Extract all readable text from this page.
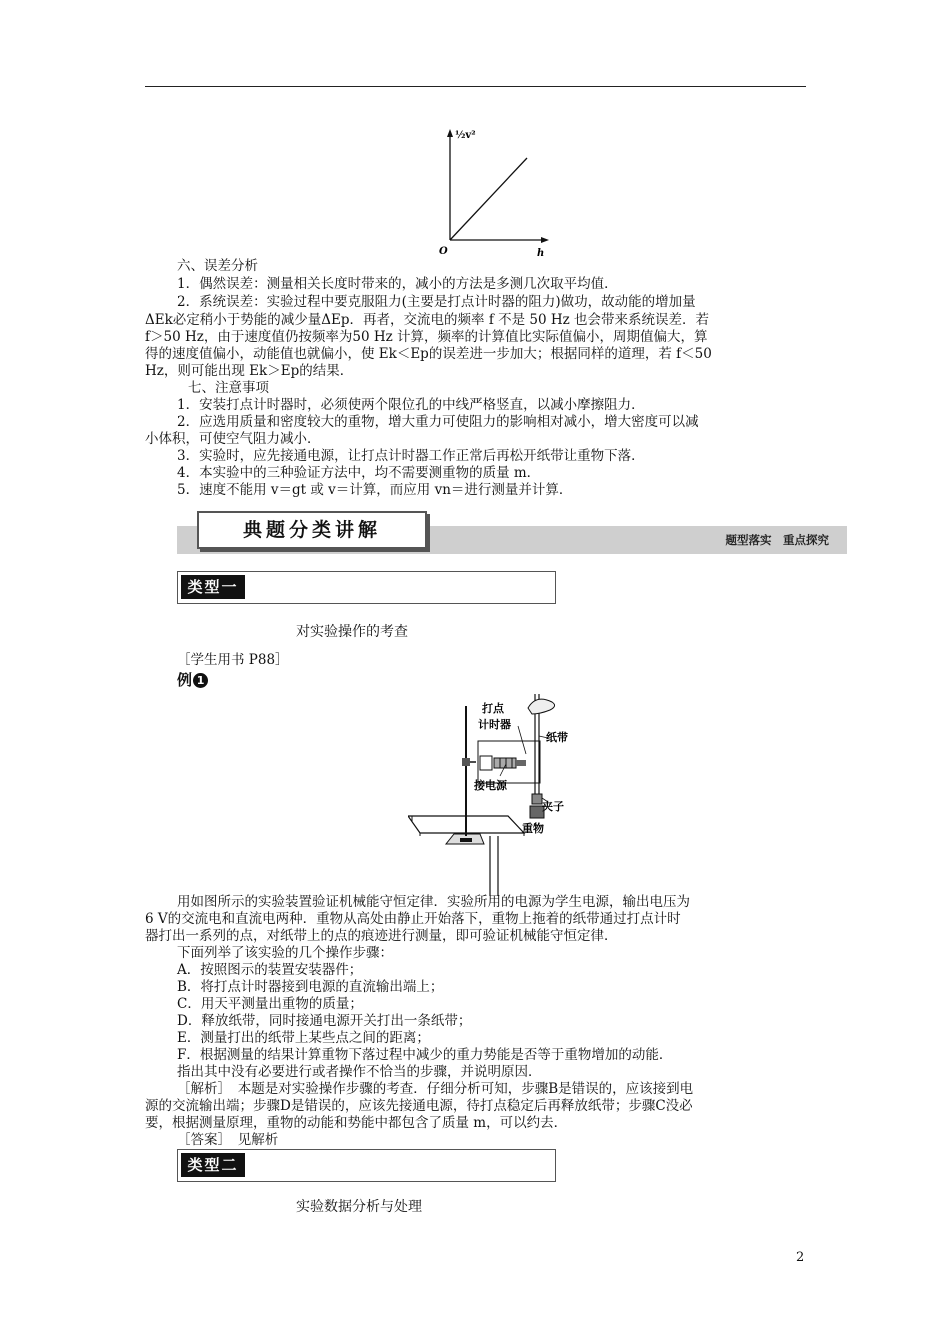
½v²
h
O
六、误差分析
1．偶然误差：测量相关长度时带来的，减小的方法是多测几次取平均值．
2．系统误差：实验过程中要克服阻力(主要是打点计时器的阻力)做功，故动能的增加量
ΔEk必定稍小于势能的减少量ΔEp．再者，交流电的频率 f 不是 50 Hz 也会带来系统误差．若
f＞50 Hz，由于速度值仍按频率为50 Hz 计算，频率的计算值比实际值偏小，周期值偏大，算
得的速度值偏小，动能值也就偏小，使 Ek＜Ep的误差进一步加大；根据同样的道理，若 f＜50
Hz，则可能出现 Ek＞Ep的结果．
七、注意事项
1．安装打点计时器时，必须使两个限位孔的中线严格竖直，以减小摩擦阻力．
2．应选用质量和密度较大的重物，增大重力可使阻力的影响相对减小，增大密度可以减
小体积，可使空气阻力减小．
3．实验时，应先接通电源，让打点计时器工作正常后再松开纸带让重物下落．
4．本实验中的三种验证方法中，均不需要测重物的质量 m．
5．速度不能用 v＝gt 或 v＝计算，而应用 vn＝进行测量并计算．
题型落实　重点探究
典题分类讲解
类型一
对实验操作的考查
［学生用书 P88］
例 1
打点
计时器
纸带
接电源
夹子
重物
用如图所示的实验装置验证机械能守恒定律．实验所用的电源为学生电源，输出电压为
6 V的交流电和直流电两种．重物从高处由静止开始落下，重物上拖着的纸带通过打点计时
器打出一系列的点，对纸带上的点的痕迹进行测量，即可验证机械能守恒定律．
下面列举了该实验的几个操作步骤：
A．按照图示的装置安装器件；
B．将打点计时器接到电源的直流输出端上；
C．用天平测量出重物的质量；
D．释放纸带，同时接通电源开关打出一条纸带；
E．测量打出的纸带上某些点之间的距离；
F．根据测量的结果计算重物下落过程中减少的重力势能是否等于重物增加的动能．
指出其中没有必要进行或者操作不恰当的步骤，并说明原因．
［解析］　本题是对实验操作步骤的考查．仔细分析可知，步骤B是错误的，应该接到电
源的交流输出端；步骤D是错误的，应该先接通电源，待打点稳定后再释放纸带；步骤C没必
要，根据测量原理，重物的动能和势能中都包含了质量 m，可以约去．
［答案］　见解析
类型二
实验数据分析与处理
2
